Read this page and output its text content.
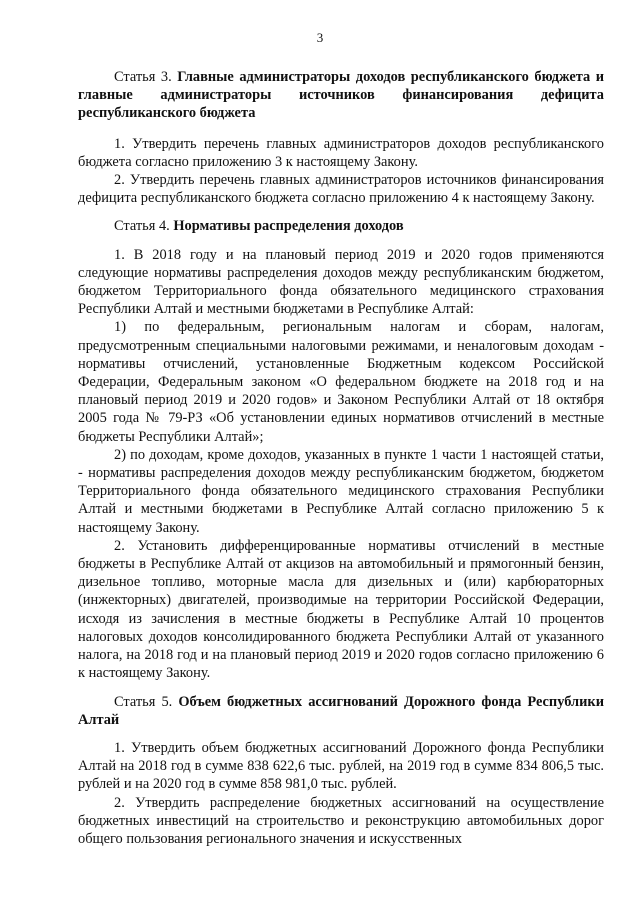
3

Статья 3. Главные администраторы доходов республиканского бюджета и главные администраторы источников финансирования дефицита республиканского бюджета

1. Утвердить перечень главных администраторов доходов республиканского бюджета согласно приложению 3 к настоящему Закону.

2. Утвердить перечень главных администраторов источников финансирования дефицита республиканского бюджета согласно приложению 4 к настоящему Закону.

Статья 4. Нормативы распределения доходов

1. В 2018 году и на плановый период 2019 и 2020 годов применяются следующие нормативы распределения доходов между республиканским бюджетом, бюджетом Территориального фонда обязательного медицинского страхования Республики Алтай и местными бюджетами в Республике Алтай:

1) по федеральным, региональным налогам и сборам, налогам, предусмотренным специальными налоговыми режимами, и неналоговым доходам - нормативы отчислений, установленные Бюджетным кодексом Российской Федерации, Федеральным законом «О федеральном бюджете на 2018 год и на плановый период 2019 и 2020 годов» и Законом Республики Алтай от 18 октября 2005 года № 79-РЗ «Об установлении единых нормативов отчислений в местные бюджеты Республики Алтай»;

2) по доходам, кроме доходов, указанных в пункте 1 части 1 настоящей статьи, - нормативы распределения доходов между республиканским бюджетом, бюджетом Территориального фонда обязательного медицинского страхования Республики Алтай и местными бюджетами в Республике Алтай согласно приложению 5 к настоящему Закону.

2. Установить дифференцированные нормативы отчислений в местные бюджеты в Республике Алтай от акцизов на автомобильный и прямогонный бензин, дизельное топливо, моторные масла для дизельных и (или) карбюраторных (инжекторных) двигателей, производимые на территории Российской Федерации, исходя из зачисления в местные бюджеты в Республике Алтай 10 процентов налоговых доходов консолидированного бюджета Республики Алтай от указанного налога, на 2018 год и на плановый период 2019 и 2020 годов согласно приложению 6 к настоящему Закону.

Статья 5. Объем бюджетных ассигнований Дорожного фонда Республики Алтай

1. Утвердить объем бюджетных ассигнований Дорожного фонда Республики Алтай на 2018 год в сумме 838 622,6 тыс. рублей, на 2019 год в сумме 834 806,5 тыс. рублей и на 2020 год в сумме 858 981,0 тыс. рублей.

2. Утвердить распределение бюджетных ассигнований на осуществление бюджетных инвестиций на строительство и реконструкцию автомобильных дорог общего пользования регионального значения и искусственных
